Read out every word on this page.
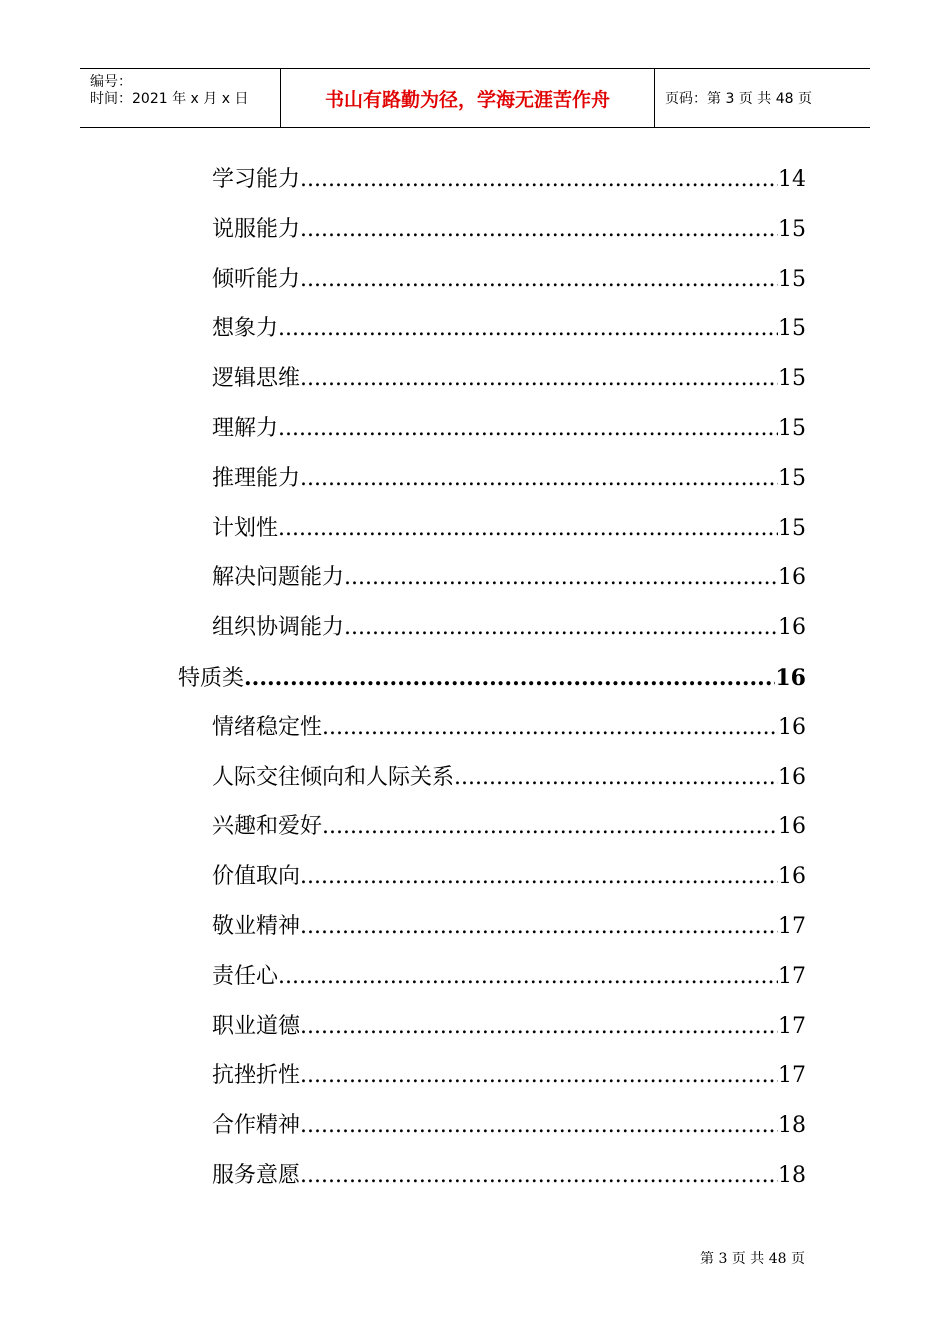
编号：
时间：2021 年 x 月 x 日	书山有路勤为径，学海无涯苦作舟	页码：第 3 页 共 48 页
学习能力 .....	14
说服能力 .....	15
倾听能力 .....	15
想象力 .....	15
逻辑思维 .....	15
理解力 .....	15
推理能力 .....	15
计划性 .....	15
解决问题能力 .....	16
组织协调能力 .....	16
特质类 .....	16
情绪稳定性 .....	16
人际交往倾向和人际关系 .....	16
兴趣和爱好 .....	16
价值取向 .....	16
敬业精神 .....	17
责任心 .....	17
职业道德 .....	17
抗挫折性 .....	17
合作精神 .....	18
服务意愿 .....	18
第 3 页 共 48 页
